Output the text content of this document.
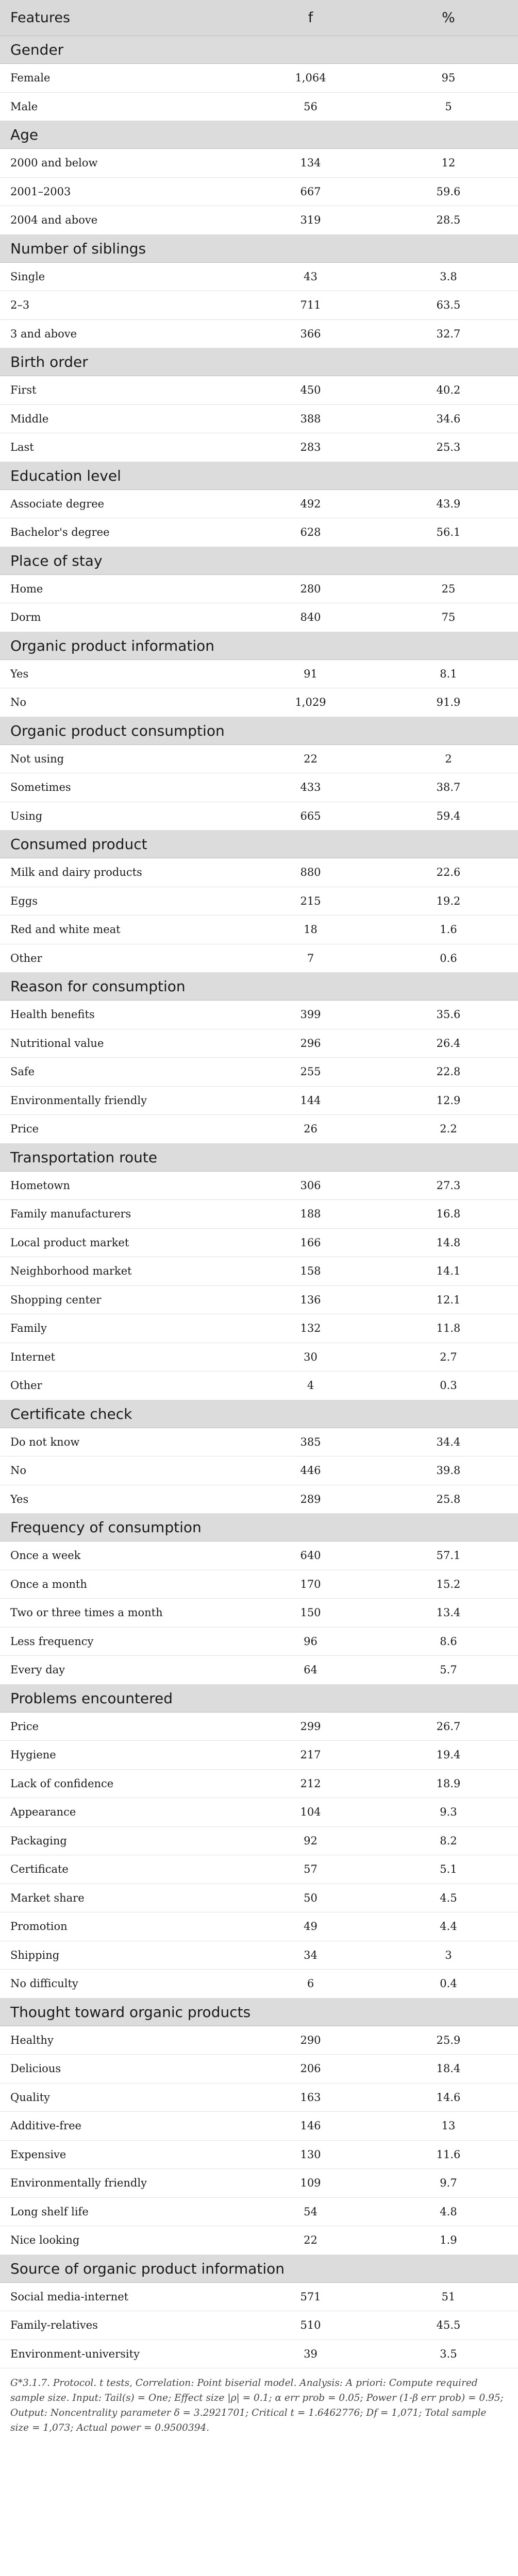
Features	f	%
Gender		
Female	1,064	95
Male	56	5
Age		
2000 and below	134	12
2001–2003	667	59.6
2004 and above	319	28.5
Number of siblings		
Single	43	3.8
2–3	711	63.5
3 and above	366	32.7
Birth order		
First	450	40.2
Middle	388	34.6
Last	283	25.3
Education level		
Associate degree	492	43.9
Bachelor's degree	628	56.1
Place of stay		
Home	280	25
Dorm	840	75
Organic product information		
Yes	91	8.1
No	1,029	91.9
Organic product consumption		
Not using	22	2
Sometimes	433	38.7
Using	665	59.4
Consumed product		
Milk and dairy products	880	22.6
Eggs	215	19.2
Red and white meat	18	1.6
Other	7	0.6
Reason for consumption		
Health benefits	399	35.6
Nutritional value	296	26.4
Safe	255	22.8
Environmentally friendly	144	12.9
Price	26	2.2
Transportation route		
Hometown	306	27.3
Family manufacturers	188	16.8
Local product market	166	14.8
Neighborhood market	158	14.1
Shopping center	136	12.1
Family	132	11.8
Internet	30	2.7
Other	4	0.3
Certificate check		
Do not know	385	34.4
No	446	39.8
Yes	289	25.8
Frequency of consumption		
Once a week	640	57.1
Once a month	170	15.2
Two or three times a month	150	13.4
Less frequency	96	8.6
Every day	64	5.7
Problems encountered		
Price	299	26.7
Hygiene	217	19.4
Lack of confidence	212	18.9
Appearance	104	9.3
Packaging	92	8.2
Certificate	57	5.1
Market share	50	4.5
Promotion	49	4.4
Shipping	34	3
No difficulty	6	0.4
Thought toward organic products		
Healthy	290	25.9
Delicious	206	18.4
Quality	163	14.6
Additive-free	146	13
Expensive	130	11.6
Environmentally friendly	109	9.7
Long shelf life	54	4.8
Nice looking	22	1.9
Source of organic product information		
Social media-internet	571	51
Family-relatives	510	45.5
Environment-university	39	3.5

G*3.1.7. Protocol. t tests, Correlation: Point biserial model. Analysis: A priori: Compute required sample size. Input: Tail(s) = One; Effect size |ρ| = 0.1; α err prob = 0.05; Power (1-β err prob) = 0.95; Output: Noncentrality parameter δ = 3.2921701; Critical t = 1.6462776; Df = 1,071; Total sample size = 1,073; Actual power = 0.9500394.
